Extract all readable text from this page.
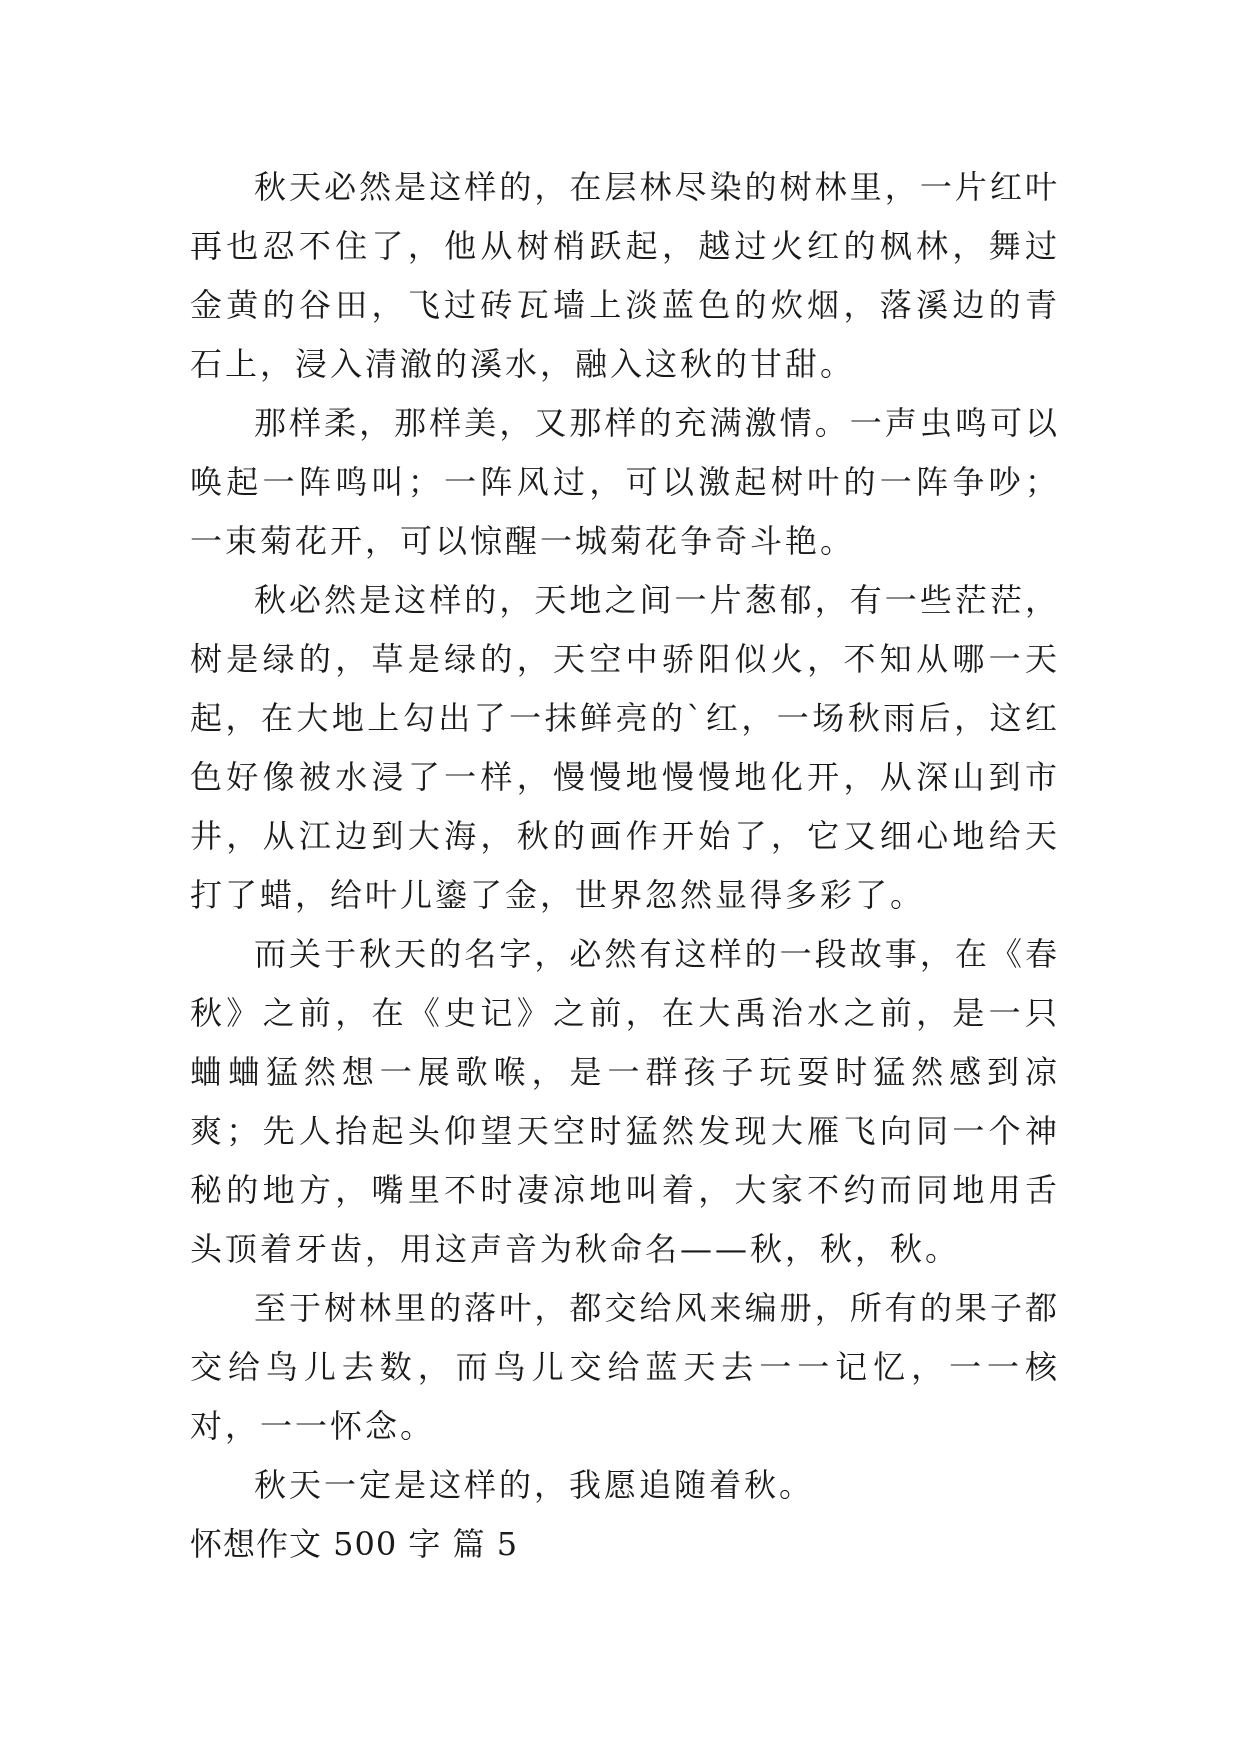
秋天必然是这样的，在层林尽染的树林里，一片红叶再也忍不住了，他从树梢跃起，越过火红的枫林，舞过金黄的谷田，飞过砖瓦墙上淡蓝色的炊烟，落溪边的青石上，浸入清澈的溪水，融入这秋的甘甜。

那样柔，那样美，又那样的充满激情。一声虫鸣可以唤起一阵鸣叫；一阵风过，可以激起树叶的一阵争吵；一束菊花开，可以惊醒一城菊花争奇斗艳。

秋必然是这样的，天地之间一片葱郁，有一些茫茫，树是绿的，草是绿的，天空中骄阳似火，不知从哪一天起，在大地上勾出了一抹鲜亮的`红，一场秋雨后，这红色好像被水浸了一样，慢慢地慢慢地化开，从深山到市井，从江边到大海，秋的画作开始了，它又细心地给天打了蜡，给叶儿鎏了金，世界忽然显得多彩了。

而关于秋天的名字，必然有这样的一段故事，在《春秋》之前，在《史记》之前，在大禹治水之前，是一只蛐蛐猛然想一展歌喉，是一群孩子玩耍时猛然感到凉爽；先人抬起头仰望天空时猛然发现大雁飞向同一个神秘的地方，嘴里不时凄凉地叫着，大家不约而同地用舌头顶着牙齿，用这声音为秋命名——秋，秋，秋。

至于树林里的落叶，都交给风来编册，所有的果子都交给鸟儿去数，而鸟儿交给蓝天去一一记忆，一一核对，一一怀念。

秋天一定是这样的，我愿追随着秋。

怀想作文 500 字 篇 5
